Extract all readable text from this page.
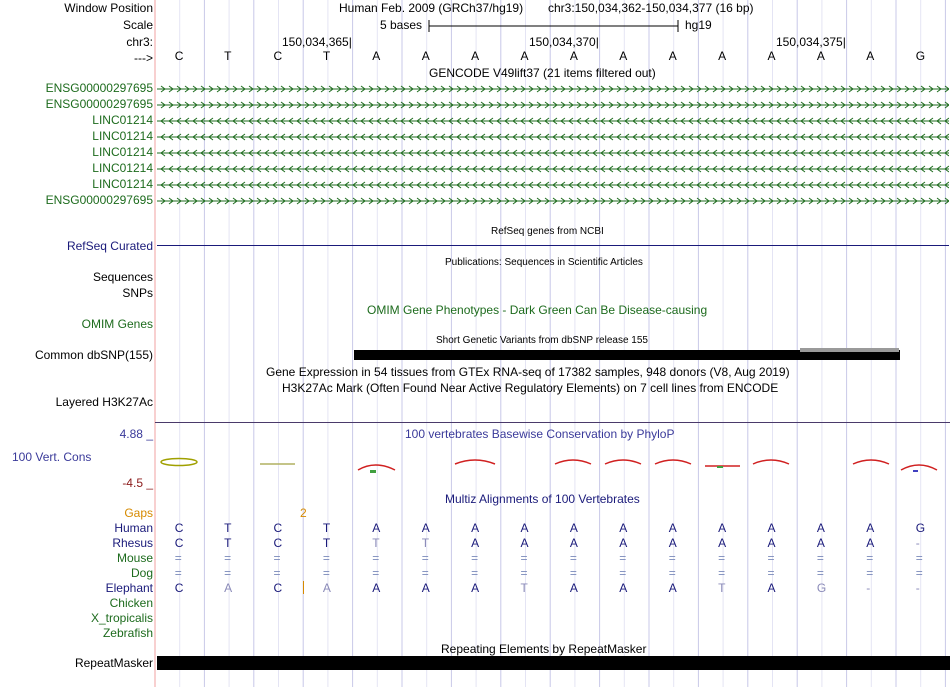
Window Position
Scale
chr3:
--->
Human Feb. 2009 (GRCh37/hg19) chr3:150,034,362-150,034,377 (16 bp)
5 bases	hg19
150,034,365|	150,034,370|	150,034,375|
C	T	C	T	A	A	A	A	A	A	A	A	A	A	A	G
GENCODE V49lift37 (21 items filtered out)
ENSG00000297695
ENSG00000297695
LINC01214
LINC01214
LINC01214
LINC01214
LINC01214
ENSG00000297695
RefSeq genes from NCBI
RefSeq Curated
Publications: Sequences in Scientific Articles
Sequences
SNPs
OMIM Gene Phenotypes - Dark Green Can Be Disease-causing
OMIM Genes
Short Genetic Variants from dbSNP release 155
Common dbSNP(155)
Gene Expression in 54 tissues from GTEx RNA-seq of 17382 samples, 948 donors (V8, Aug 2019)
H3K27Ac Mark (Often Found Near Active Regulatory Elements) on 7 cell lines from ENCODE
Layered H3K27Ac
100 vertebrates Basewise Conservation by PhyloP
4.88 _
100 Vert. Cons
-4.5 _
Multiz Alignments of 100 Vertebrates
Gaps	2
Human C	T	C	T	A	A	A	A	A	A	A	A	A	A	A	G
Rhesus C	T	C	T	T	T	A	A	A	A	A	A	A	A	A	-
Mouse =	=	=	=	=	=	=	=	=	=	=	=	=	=	=	=
Dog =	=	=	=	=	=	=	=	=	=	=	=	=	=	=	=
Elephant C	A	C	A	A	A	A	T	A	A	A	T	A	G	-	-
Chicken
X_tropicalis
Zebrafish
Repeating Elements by RepeatMasker
RepeatMasker
